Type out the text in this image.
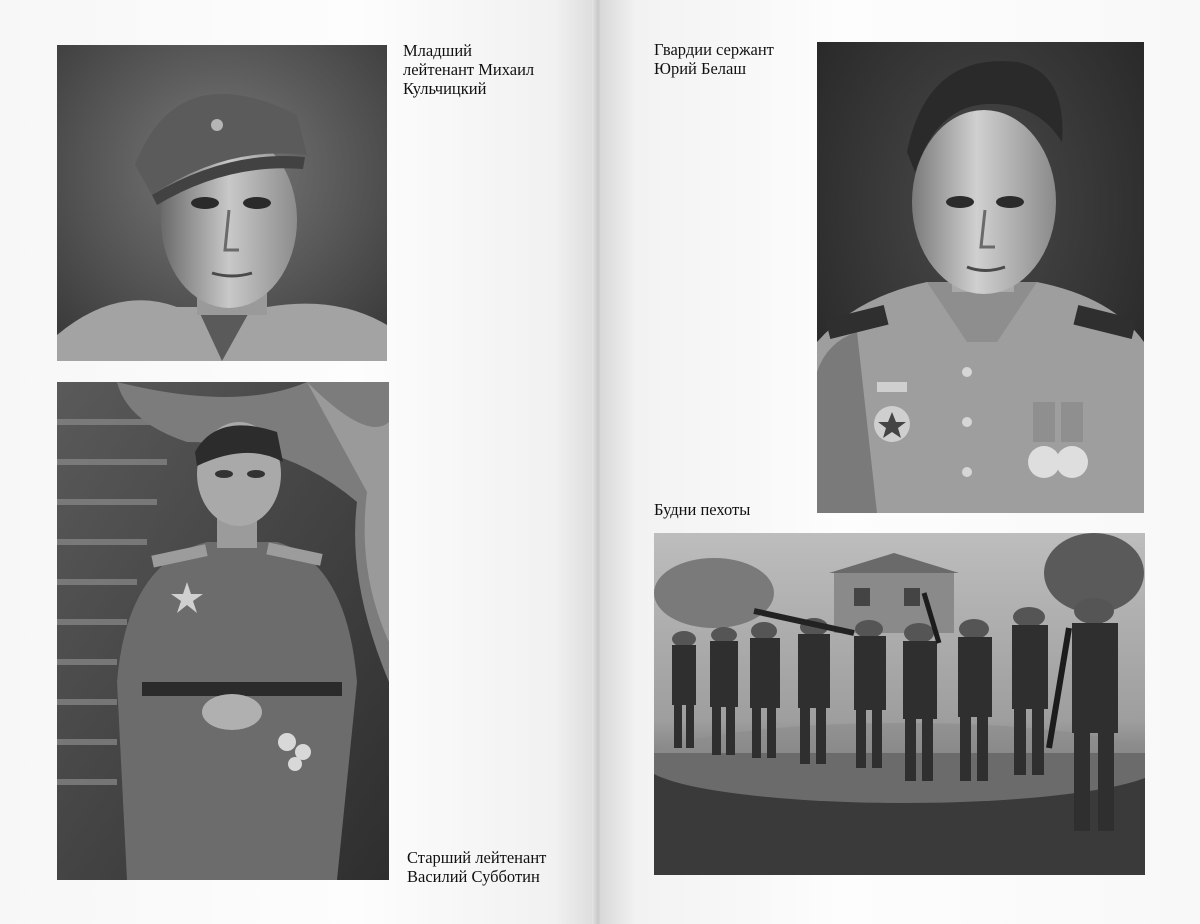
Младший
лейтенант Михаил
Кульчицкий
Старший лейтенант
Василий Субботин
Гвардии сержант
Юрий Белаш
Будни пехоты
